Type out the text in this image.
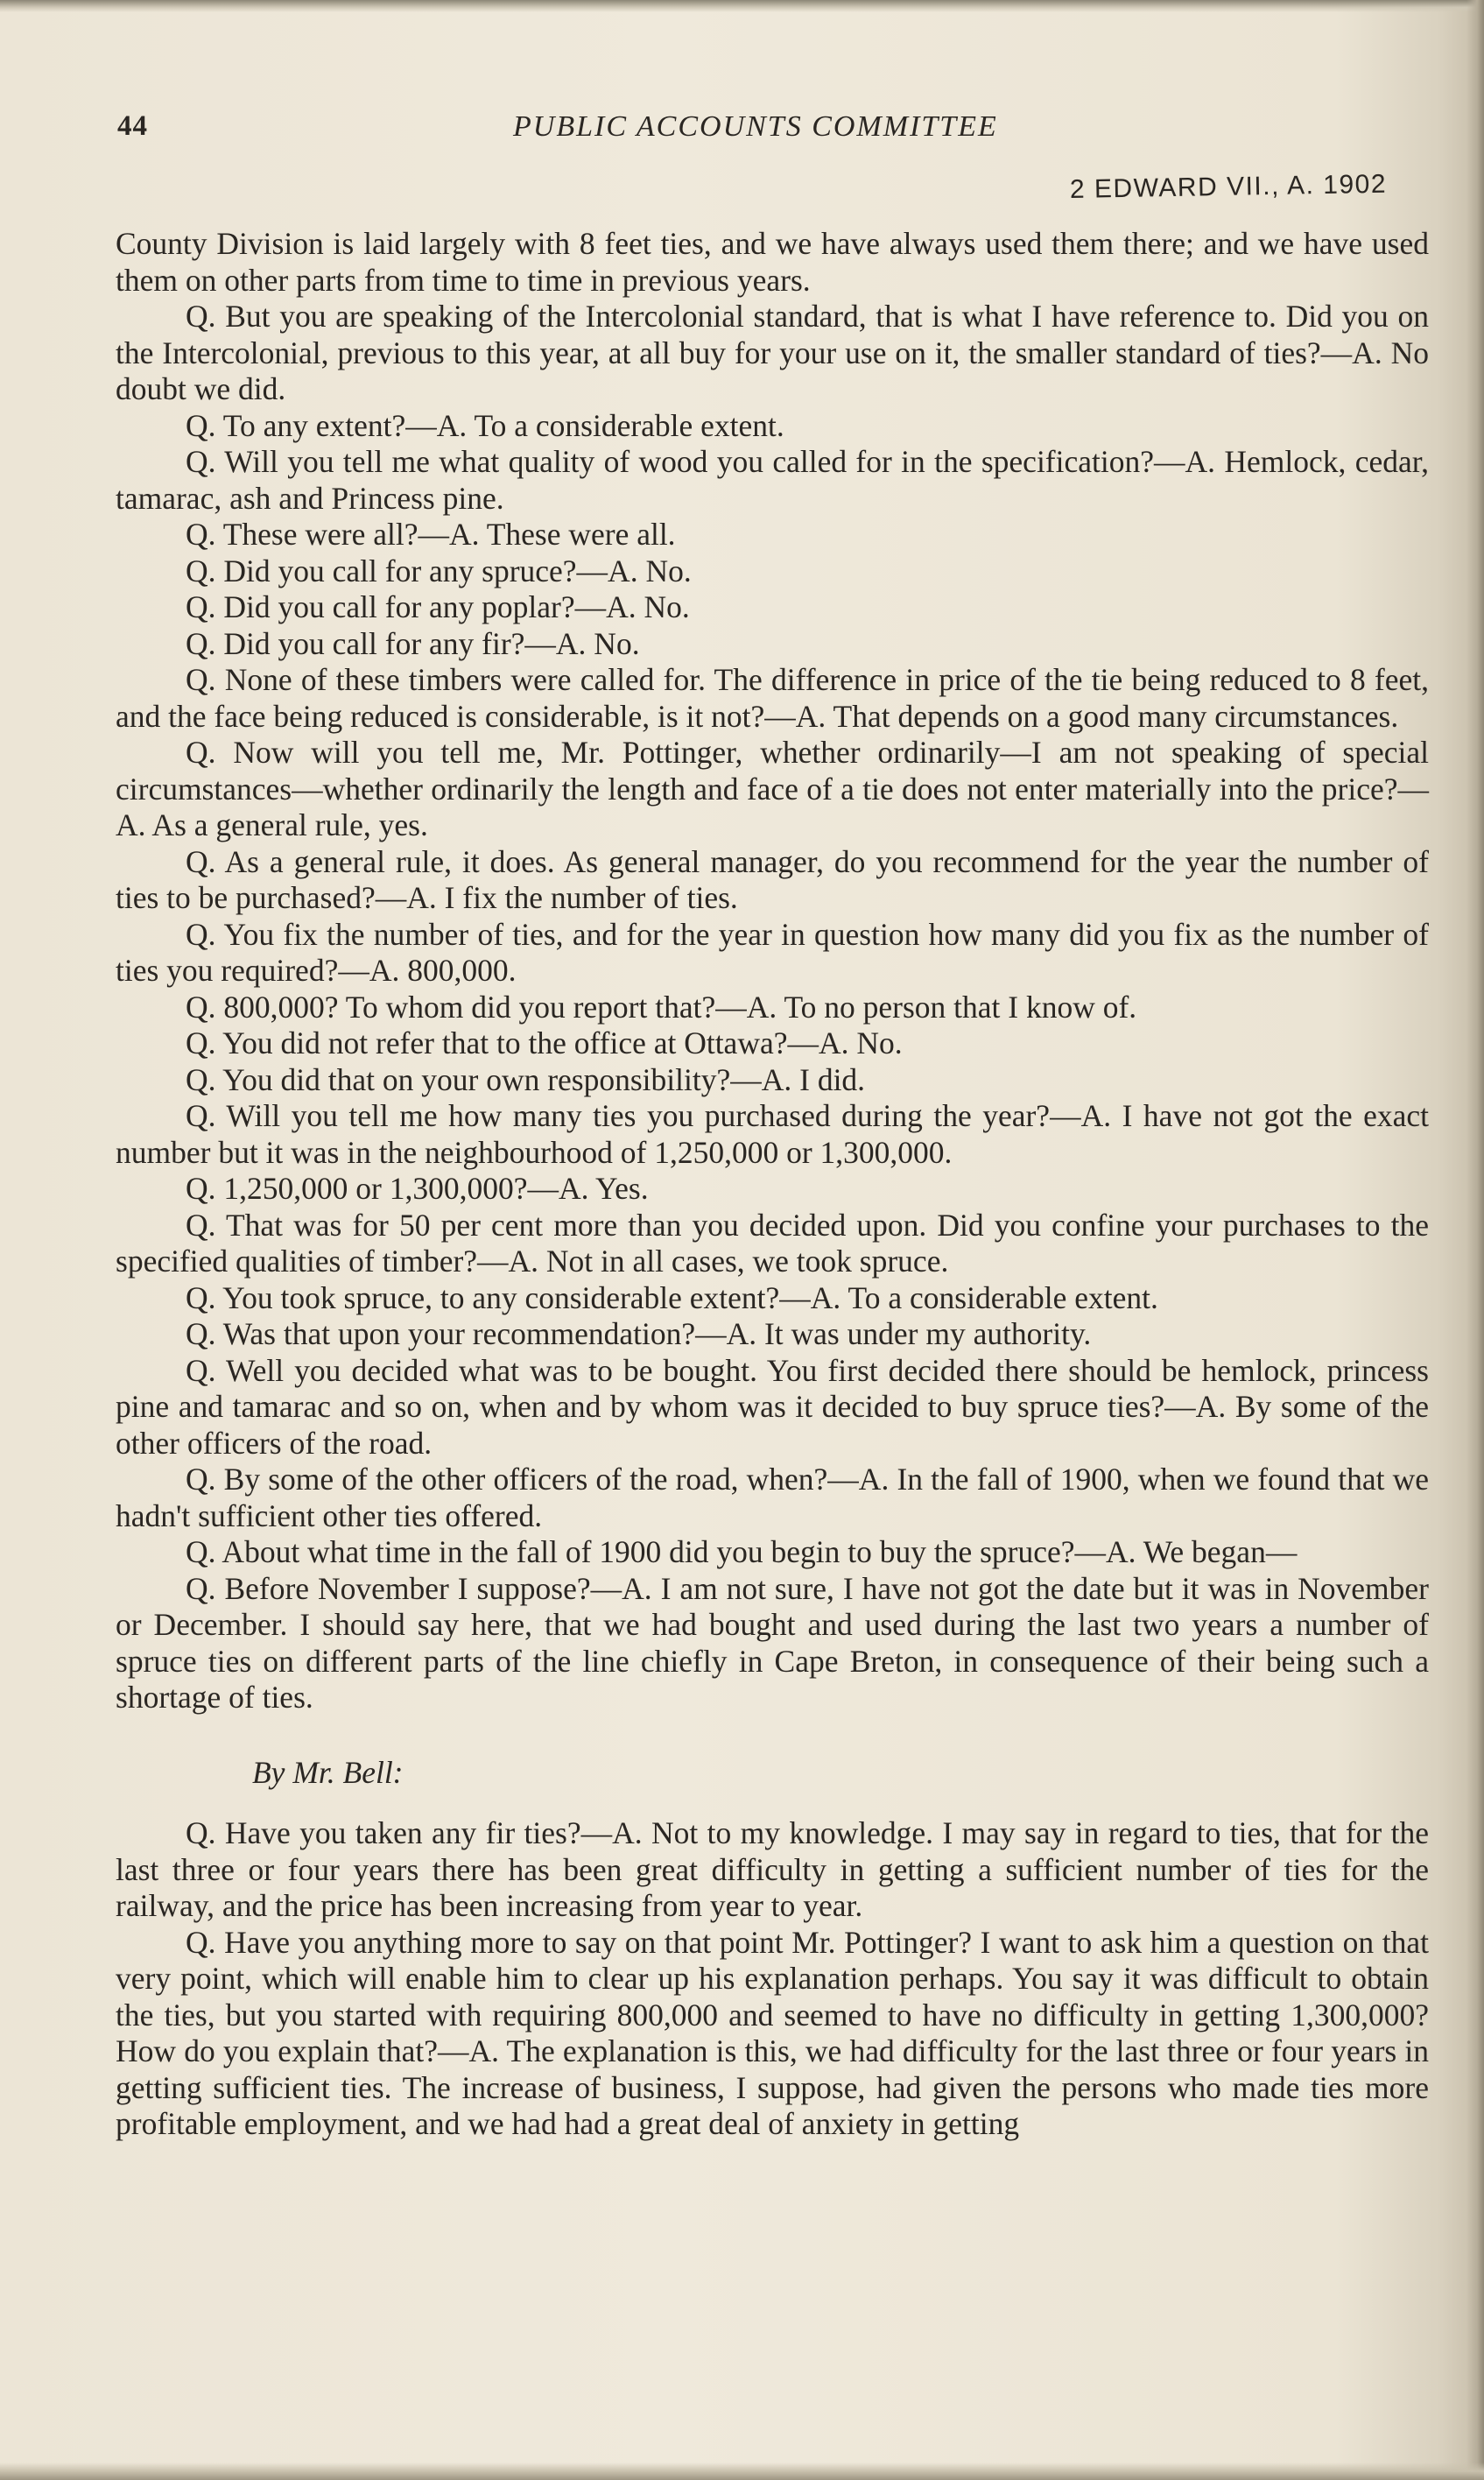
44	PUBLIC ACCOUNTS COMMITTEE
2 EDWARD VII., A. 1902

County Division is laid largely with 8 feet ties, and we have always used them there; and we have used them on other parts from time to time in previous years.

Q. But you are speaking of the Intercolonial standard, that is what I have reference to. Did you on the Intercolonial, previous to this year, at all buy for your use on it, the smaller standard of ties?—A. No doubt we did.

Q. To any extent?—A. To a considerable extent.

Q. Will you tell me what quality of wood you called for in the specification?—A. Hemlock, cedar, tamarac, ash and Princess pine.

Q. These were all?—A. These were all.

Q. Did you call for any spruce?—A. No.

Q. Did you call for any poplar?—A. No.

Q. Did you call for any fir?—A. No.

Q. None of these timbers were called for. The difference in price of the tie being reduced to 8 feet, and the face being reduced is considerable, is it not?—A. That depends on a good many circumstances.

Q. Now will you tell me, Mr. Pottinger, whether ordinarily—I am not speaking of special circumstances—whether ordinarily the length and face of a tie does not enter materially into the price?—A. As a general rule, yes.

Q. As a general rule, it does. As general manager, do you recommend for the year the number of ties to be purchased?—A. I fix the number of ties.

Q. You fix the number of ties, and for the year in question how many did you fix as the number of ties you required?—A. 800,000.

Q. 800,000? To whom did you report that?—A. To no person that I know of.

Q. You did not refer that to the office at Ottawa?—A. No.

Q. You did that on your own responsibility?—A. I did.

Q. Will you tell me how many ties you purchased during the year?—A. I have not got the exact number but it was in the neighbourhood of 1,250,000 or 1,300,000.

Q. 1,250,000 or 1,300,000?—A. Yes.

Q. That was for 50 per cent more than you decided upon. Did you confine your purchases to the specified qualities of timber?—A. Not in all cases, we took spruce.

Q. You took spruce, to any considerable extent?—A. To a considerable extent.

Q. Was that upon your recommendation?—A. It was under my authority.

Q. Well you decided what was to be bought. You first decided there should be hemlock, princess pine and tamarac and so on, when and by whom was it decided to buy spruce ties?—A. By some of the other officers of the road.

Q. By some of the other officers of the road, when?—A. In the fall of 1900, when we found that we hadn't sufficient other ties offered.

Q. About what time in the fall of 1900 did you begin to buy the spruce?—A. We began—

Q. Before November I suppose?—A. I am not sure, I have not got the date but it was in November or December. I should say here, that we had bought and used during the last two years a number of spruce ties on different parts of the line chiefly in Cape Breton, in consequence of their being such a shortage of ties.

By Mr. Bell:

Q. Have you taken any fir ties?—A. Not to my knowledge. I may say in regard to ties, that for the last three or four years there has been great difficulty in getting a sufficient number of ties for the railway, and the price has been increasing from year to year.

Q. Have you anything more to say on that point Mr. Pottinger? I want to ask him a question on that very point, which will enable him to clear up his explanation perhaps. You say it was difficult to obtain the ties, but you started with requiring 800,000 and seemed to have no difficulty in getting 1,300,000? How do you explain that?—A. The explanation is this, we had difficulty for the last three or four years in getting sufficient ties. The increase of business, I suppose, had given the persons who made ties more profitable employment, and we had had a great deal of anxiety in getting
